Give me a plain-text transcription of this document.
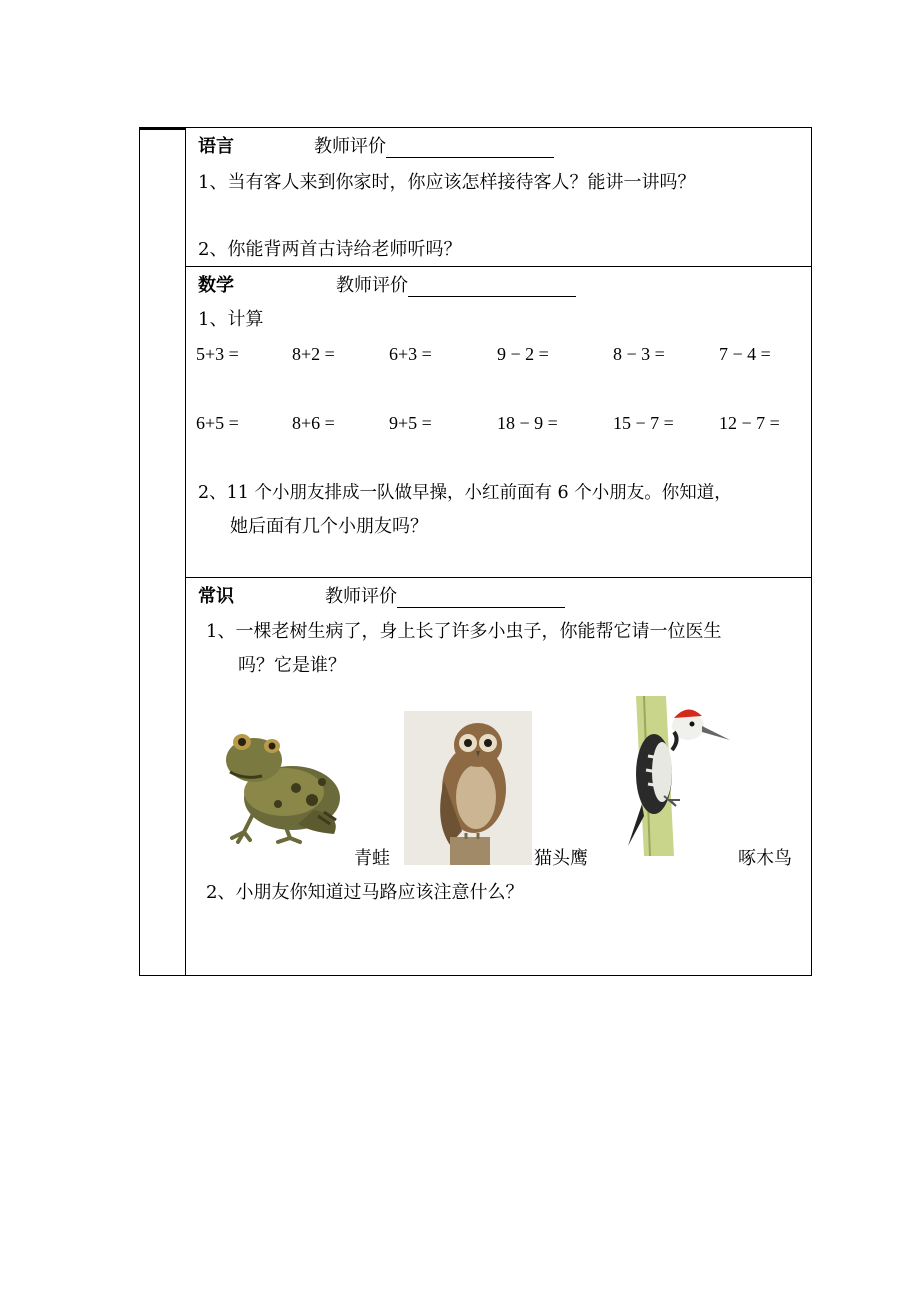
语言	教师评价
1、当有客人来到你家时，你应该怎样接待客人？能讲一讲吗？
2、你能背两首古诗给老师听吗？
数学	教师评价
1、计算
5+3 =	8+2 =	6+3 =	9 − 2 =	8 − 3 =	7 − 4 =
6+5 =	8+6 =	9+5 =	18 − 9 =	15 − 7 =	12 − 7 =
2、11 个小朋友排成一队做早操，小红前面有 6 个小朋友。你知道，
她后面有几个小朋友吗？
常识	教师评价
1、一棵老树生病了，身上长了许多小虫子，你能帮它请一位医生
吗？它是谁？
青蛙	猫头鹰	啄木鸟
2、小朋友你知道过马路应该注意什么？
